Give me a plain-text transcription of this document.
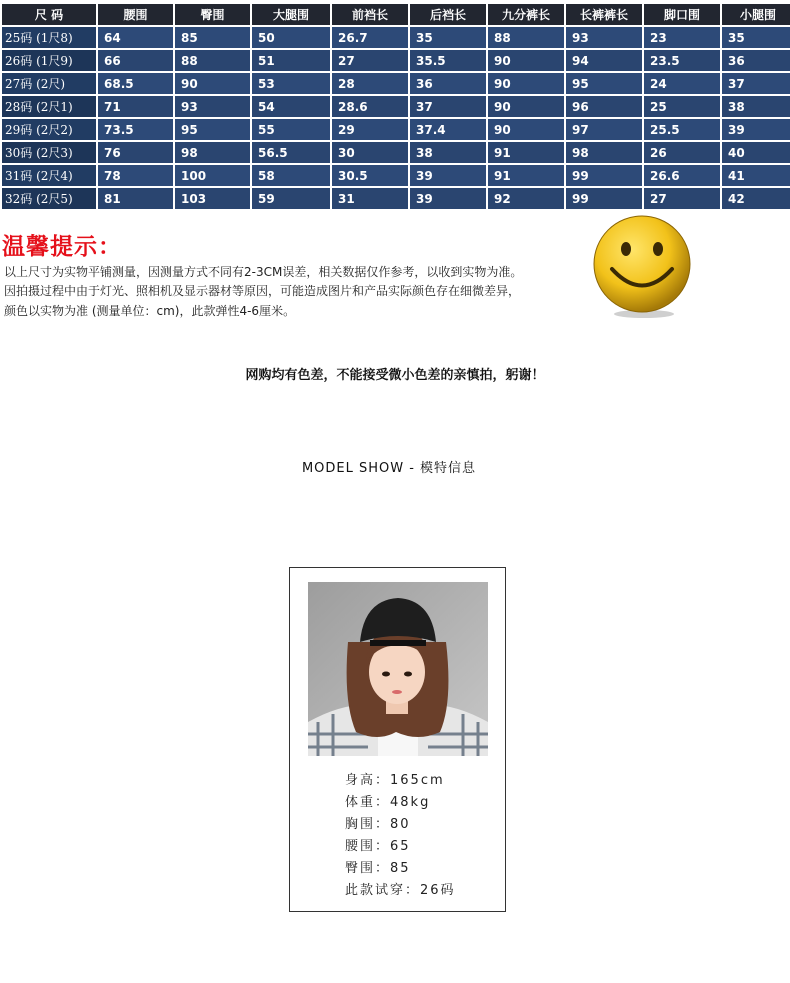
尺 码	腰围	臀围	大腿围	前裆长	后裆长	九分裤长	长裤裤长	脚口围	小腿围
25码 (1尺8)	64	85	50	26.7	35	88	93	23	35
26码 (1尺9)	66	88	51	27	35.5	90	94	23.5	36
27码 (2尺)	68.5	90	53	28	36	90	95	24	37
28码 (2尺1)	71	93	54	28.6	37	90	96	25	38
29码 (2尺2)	73.5	95	55	29	37.4	90	97	25.5	39
30码 (2尺3)	76	98	56.5	30	38	91	98	26	40
31码 (2尺4)	78	100	58	30.5	39	91	99	26.6	41
32码 (2尺5)	81	103	59	31	39	92	99	27	42
温馨提示：
以上尺寸为实物平铺测量，因测量方式不同有2-3CM误差，相关数据仅作参考，以收到实物为准。
因拍摄过程中由于灯光、照相机及显示器材等原因，可能造成图片和产品实际颜色存在细微差异，
颜色以实物为准 (测量单位：cm)，此款弹性4-6厘米。
网购均有色差，不能接受微小色差的亲慎拍，躬谢！
MODEL SHOW - 模特信息
身高：165cm
体重：48kg
胸围：80
腰围：65
臀围：85
此款试穿：26码
